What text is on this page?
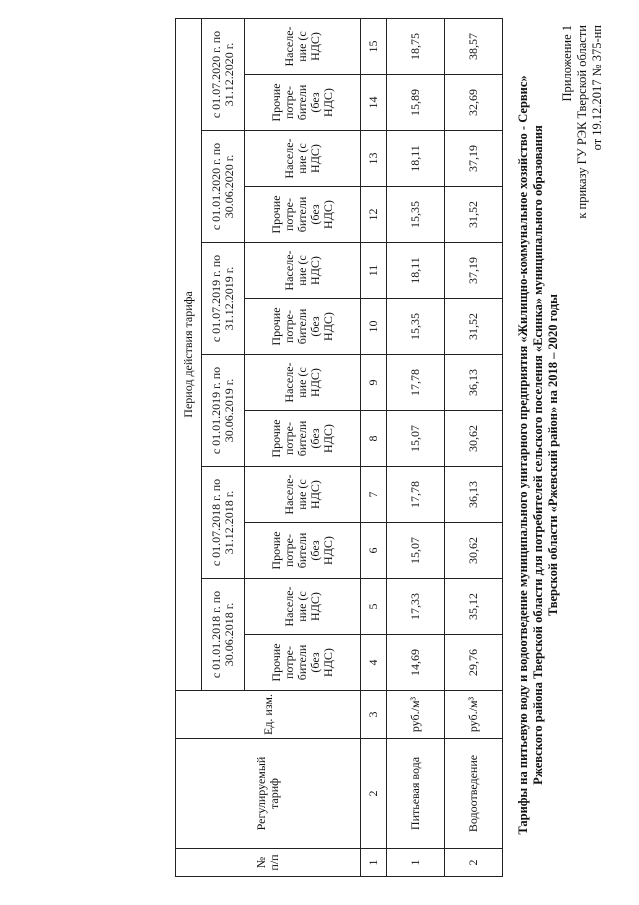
Приложение 1 к приказу ГУ РЭК Тверской области от 19.12.2017 № 375-нп
Тарифы на питьевую воду и водоотведение муниципального унитарного предприятия «Жилищно-коммунальное хозяйство - Сервис» Ржевского района Тверской области для потребителей сельского поселения «Есинка» муниципального образования Тверской области «Ржевский район» на 2018 – 2020 годы
№ п/п	Регулируемый тариф	Ед. изм.	Период действия тарифа											
			с 01.01.2018 г. по 30.06.2018 г.		с 01.07.2018 г. по 31.12.2018 г.		с 01.01.2019 г. по 30.06.2019 г.		с 01.07.2019 г. по 31.12.2019 г.		с 01.01.2020 г. по 30.06.2020 г.		с 01.07.2020 г. по 31.12.2020 г.	
			Прочие потре-бители (без НДС)	Населе-ние (с НДС)	Прочие потре-бители (без НДС)	Населе-ние (с НДС)	Прочие потре-бители (без НДС)	Населе-ние (с НДС)	Прочие потре-бители (без НДС)	Населе-ние (с НДС)	Прочие потре-бители (без НДС)	Населе-ние (с НДС)	Прочие потре-бители (без НДС)	Населе-ние (с НДС)
1	2	3	4	5	6	7	8	9	10	11	12	13	14	15
1	Питьевая вода	руб./м³	14,69	17,33	15,07	17,78	15,07	17,78	15,35	18,11	15,35	18,11	15,89	18,75
2	Водоотведение	руб./м³	29,76	35,12	30,62	36,13	30,62	36,13	31,52	37,19	31,52	37,19	32,69	38,57
